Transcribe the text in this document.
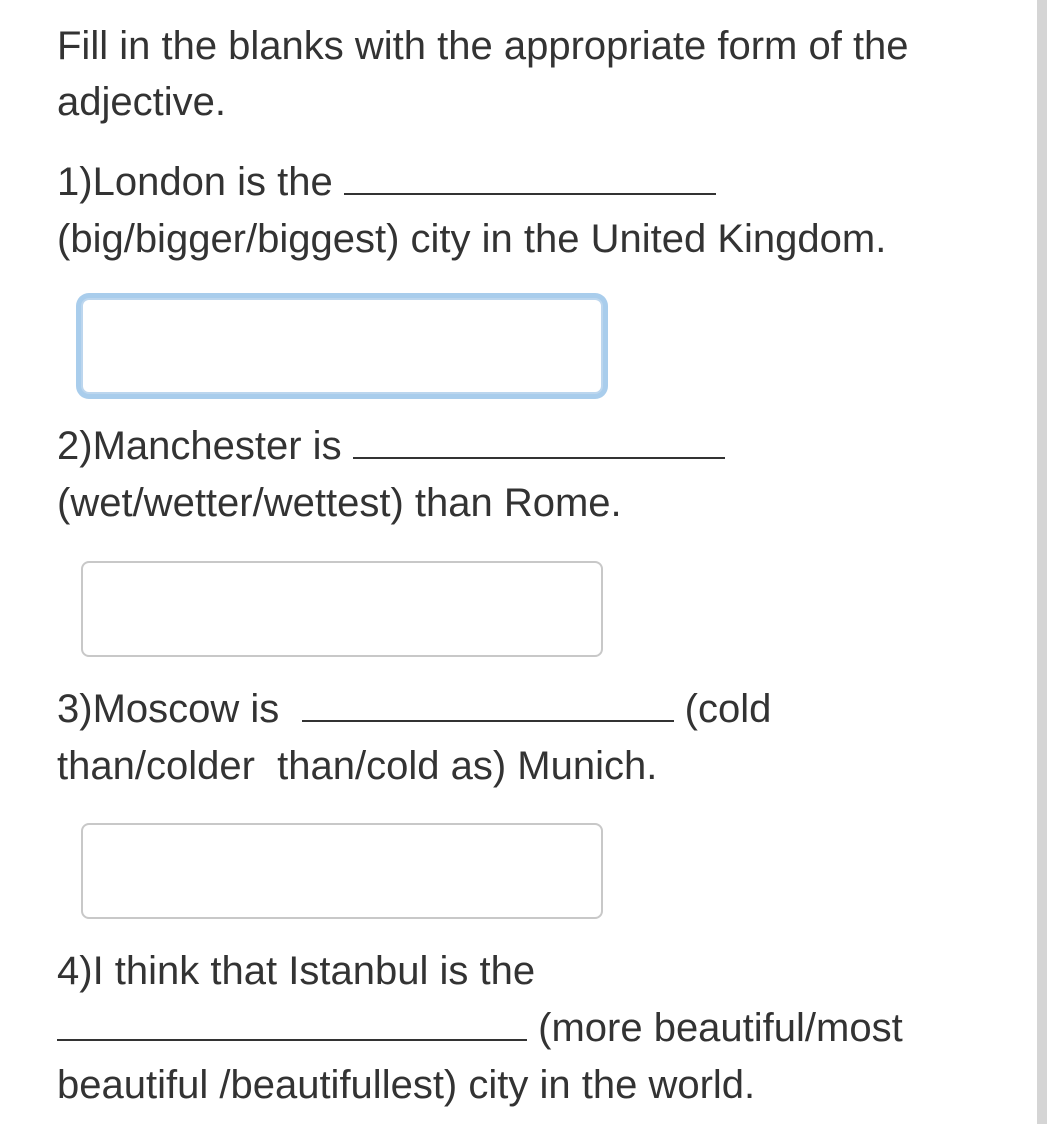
Fill in the blanks with the appropriate form of the adjective.

1)London is the
(big/bigger/biggest) city in the United Kingdom.
2)Manchester is
(wet/wetter/wettest) than Rome.
3)Moscow is	(cold
than/colder  than/cold as) Munich.
4)I think that Istanbul is the
(more beautiful/most
beautiful /beautifullest) city in the world.
